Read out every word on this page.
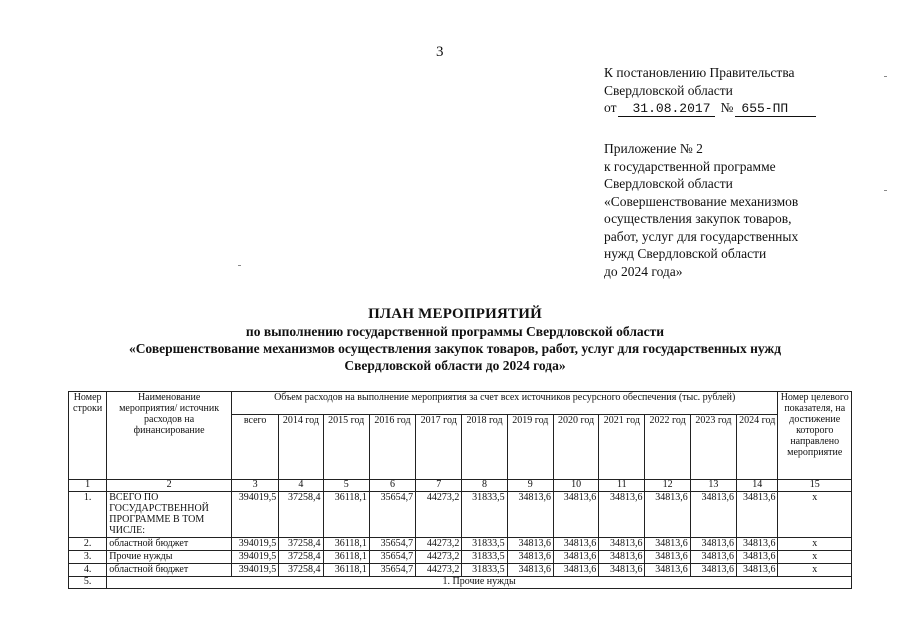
3
К постановлению Правительства
Свердловской области
от 31.08.2017 № 655-ПП
Приложение № 2
к государственной программе
Свердловской области
«Совершенствование механизмов
осуществления закупок товаров,
работ, услуг для государственных
нужд Свердловской области
до 2024 года»
ПЛАН МЕРОПРИЯТИЙ
по выполнению государственной программы Свердловской области
«Совершенствование механизмов осуществления закупок товаров, работ, услуг для государственных нужд
Свердловской области до 2024 года»
Номер строки	Наименование мероприятия/ источник расходов на финансирование	Объем расходов на выполнение мероприятия за счет всех источников ресурсного обеспечения (тыс. рублей)												Номер целевого показателя, на достижение которого направлено мероприятие
		всего	2014 год	2015 год	2016 год	2017 год	2018 год	2019 год	2020 год	2021 год	2022 год	2023 год	2024 год	
1	2	3	4	5	6	7	8	9	10	11	12	13	14	15
1.	ВСЕГО ПО ГОСУДАРСТВЕННОЙ ПРОГРАММЕ В ТОМ ЧИСЛЕ:	394019,5	37258,4	36118,1	35654,7	44273,2	31833,5	34813,6	34813,6	34813,6	34813,6	34813,6	34813,6	x
2.	областной бюджет	394019,5	37258,4	36118,1	35654,7	44273,2	31833,5	34813,6	34813,6	34813,6	34813,6	34813,6	34813,6	x
3.	Прочие нужды	394019,5	37258,4	36118,1	35654,7	44273,2	31833,5	34813,6	34813,6	34813,6	34813,6	34813,6	34813,6	x
4.	областной бюджет	394019,5	37258,4	36118,1	35654,7	44273,2	31833,5	34813,6	34813,6	34813,6	34813,6	34813,6	34813,6	x
5.	1. Прочие нужды													
